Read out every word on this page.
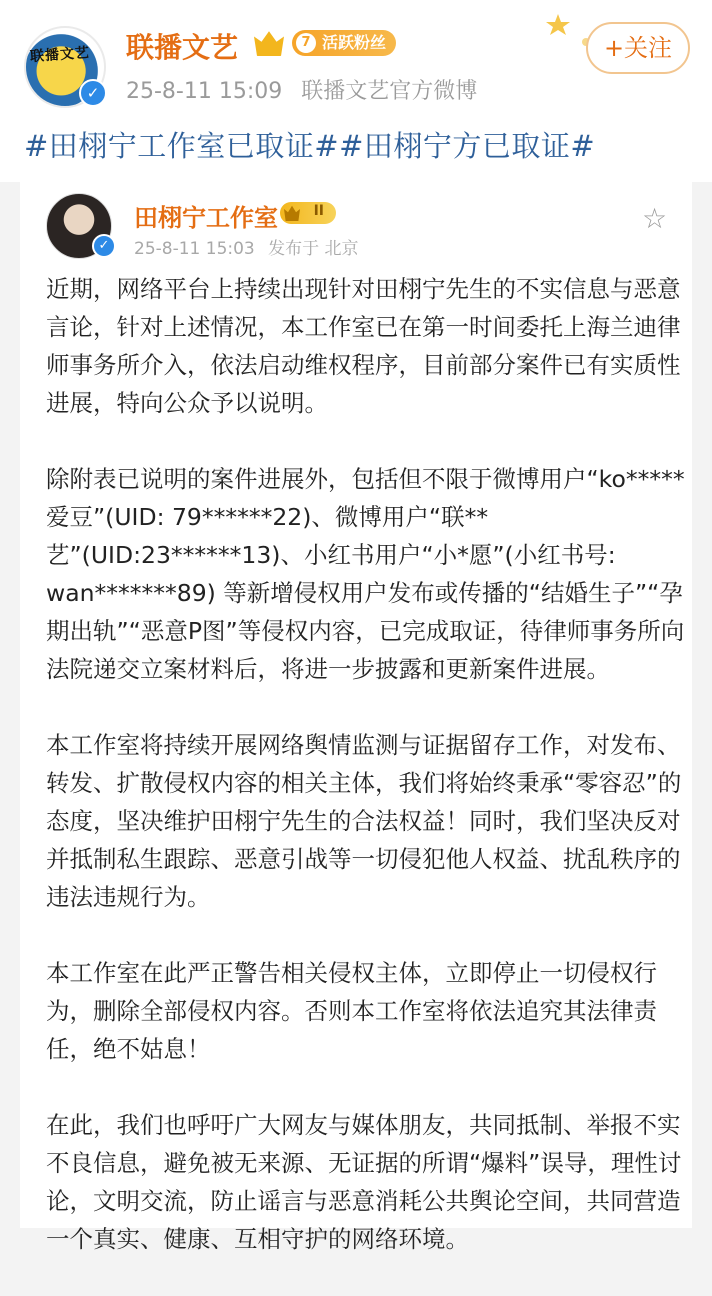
联播文艺
✓
联播文艺	7 活跃粉丝
25-8-11 15:09 联播文艺官方微博
+关注
#田栩宁工作室已取证##田栩宁方已取证#
✓
田栩宁工作室	II
25-8-11 15:03 发布于 北京
☆

近期，网络平台上持续出现针对田栩宁先生的不实信息与恶意言论，针对上述情况，本工作室已在第一时间委托上海兰迪律师事务所介入，依法启动维权程序，目前部分案件已有实质性进展，特向公众予以说明。

除附表已说明的案件进展外，包括但不限于微博用户“ko*****爱豆”(UID: 79******22)、微博用户“联**艺”(UID:23******13)、小红书用户“小*愿”(小红书号: wan*******89) 等新增侵权用户发布或传播的“结婚生子”“孕期出轨”“恶意P图”等侵权内容，已完成取证，待律师事务所向法院递交立案材料后，将进一步披露和更新案件进展。

本工作室将持续开展网络舆情监测与证据留存工作，对发布、转发、扩散侵权内容的相关主体，我们将始终秉承“零容忍”的态度，坚决维护田栩宁先生的合法权益！同时，我们坚决反对并抵制私生跟踪、恶意引战等一切侵犯他人权益、扰乱秩序的违法违规行为。

本工作室在此严正警告相关侵权主体，立即停止一切侵权行为，删除全部侵权内容。否则本工作室将依法追究其法律责任，绝不姑息！

在此，我们也呼吁广大网友与媒体朋友，共同抵制、举报不实不良信息，避免被无来源、无证据的所谓“爆料”误导，理性讨论，文明交流，防止谣言与恶意消耗公共舆论空间，共同营造一个真实、健康、互相守护的网络环境。
